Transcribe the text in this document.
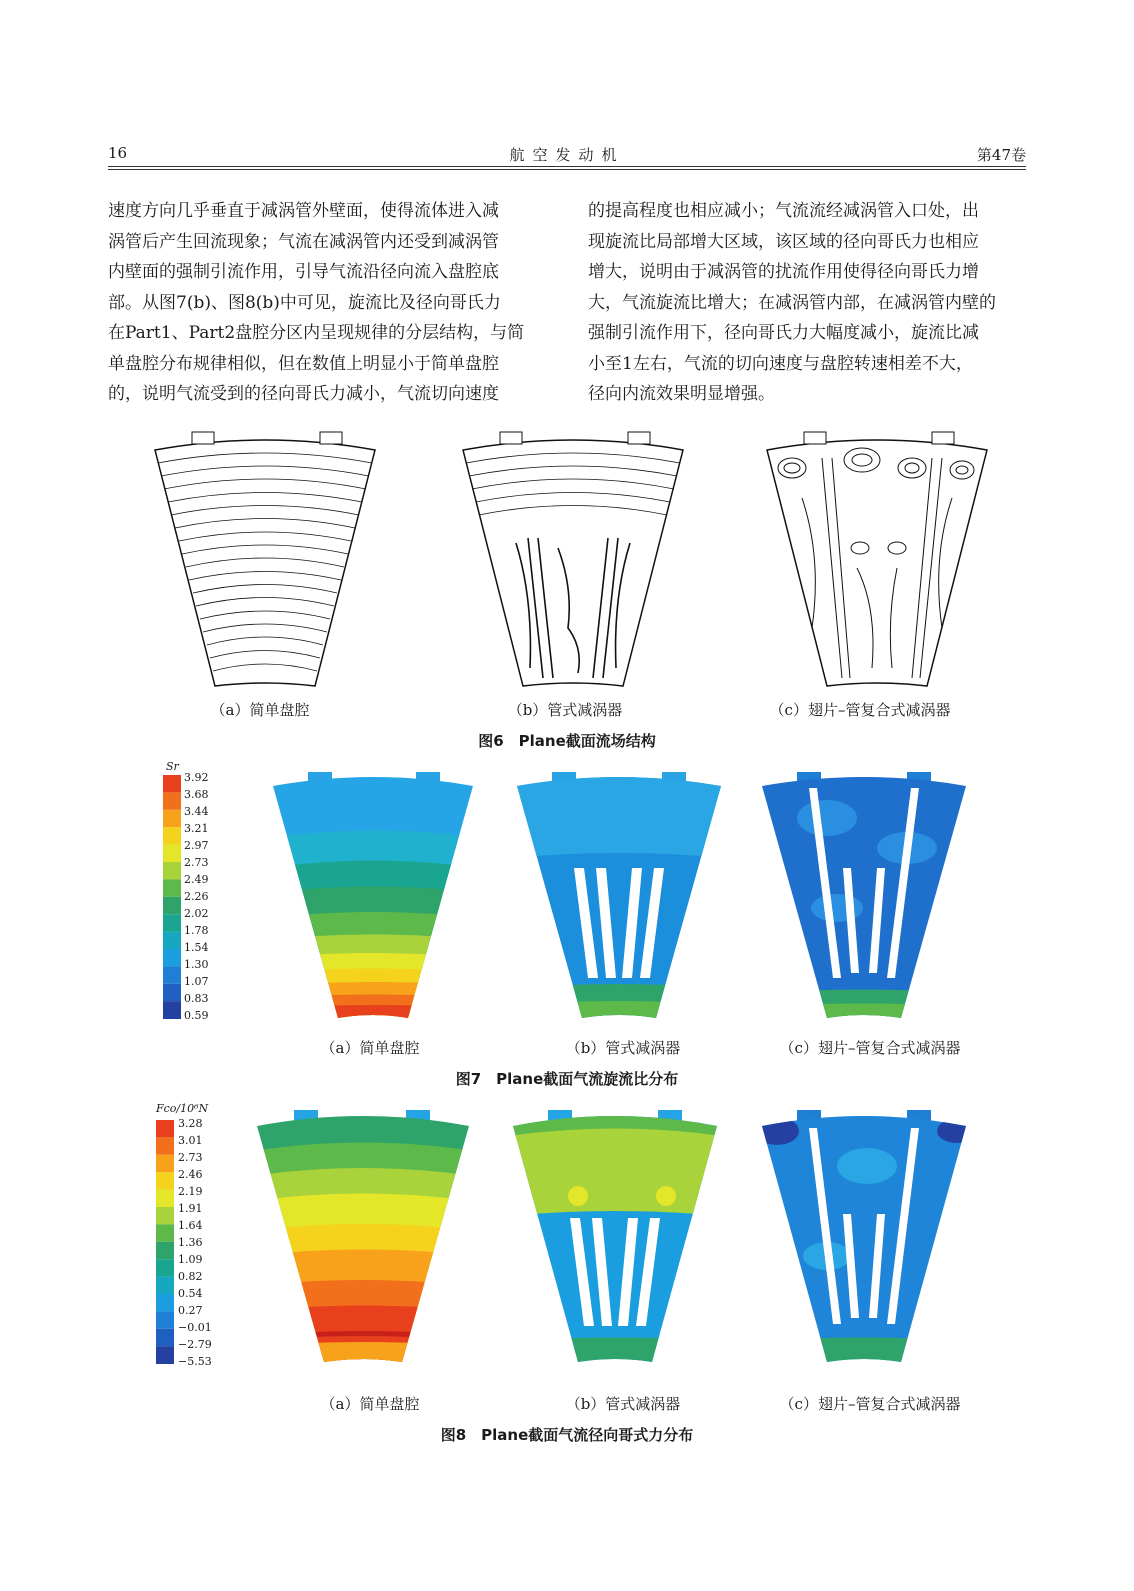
16	航空发动机	第47卷

速度方向几乎垂直于减涡管外壁面，使得流体进入减

涡管后产生回流现象；气流在减涡管内还受到减涡管

内壁面的强制引流作用，引导气流沿径向流入盘腔底

部。从图7(b)、图8(b)中可见，旋流比及径向哥氏力

在Part1、Part2盘腔分区内呈现规律的分层结构，与简

单盘腔分布规律相似，但在数值上明显小于简单盘腔

的，说明气流受到的径向哥氏力减小，气流切向速度

的提高程度也相应减小；气流流经减涡管入口处，出

现旋流比局部增大区域，该区域的径向哥氏力也相应

增大，说明由于减涡管的扰流作用使得径向哥氏力增

大，气流旋流比增大；在减涡管内部，在减涡管内壁的

强制引流作用下，径向哥氏力大幅度减小，旋流比减

小至1左右，气流的切向速度与盘腔转速相差不大，

径向内流效果明显增强。

（a）简单盘腔	（b）管式减涡器	（c）翅片–管复合式减涡器
图6　Plane截面流场结构
Sr
3.92
3.68
3.44
3.21
2.97
2.73
2.49
2.26
2.02
1.78
1.54
1.30
1.07
0.83
0.59
（a）简单盘腔	（b）管式减涡器	（c）翅片–管复合式减涡器
图7　Plane截面气流旋流比分布
Fco/10⁶N
3.28
3.01
2.73
2.46
2.19
1.91
1.64
1.36
1.09
0.82
0.54
0.27
−0.01
−2.79
−5.53
（a）简单盘腔	（b）管式减涡器	（c）翅片–管复合式减涡器
图8　Plane截面气流径向哥式力分布
